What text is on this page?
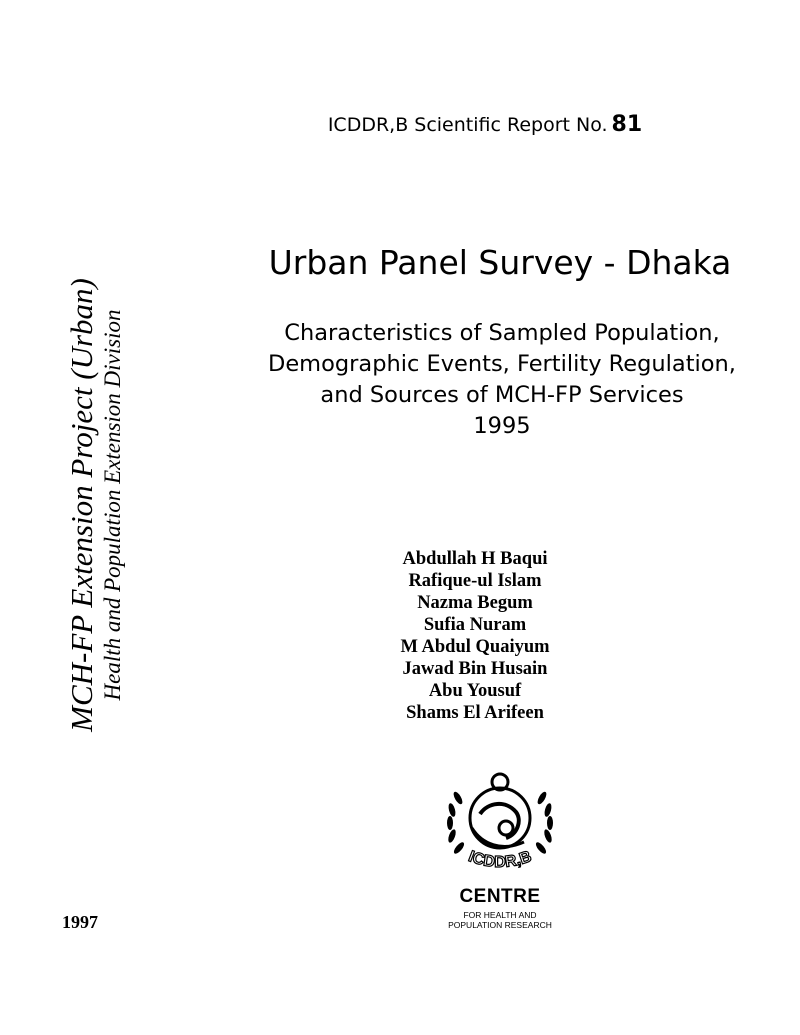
ICDDR,B Scientific Report No. 81
Urban Panel Survey - Dhaka
Characteristics of Sampled Population,
Demographic Events, Fertility Regulation,
and Sources of MCH-FP Services
1995
Abdullah H Baqui
Rafique-ul Islam
Nazma Begum
Sufia Nuram
M Abdul Quaiyum
Jawad Bin Husain
Abu Yousuf
Shams El Arifeen
MCH-FP Extension Project (Urban) Health and Population Extension Division
1997
ICDDR,B
CENTRE
FOR HEALTH AND
POPULATION RESEARCH
